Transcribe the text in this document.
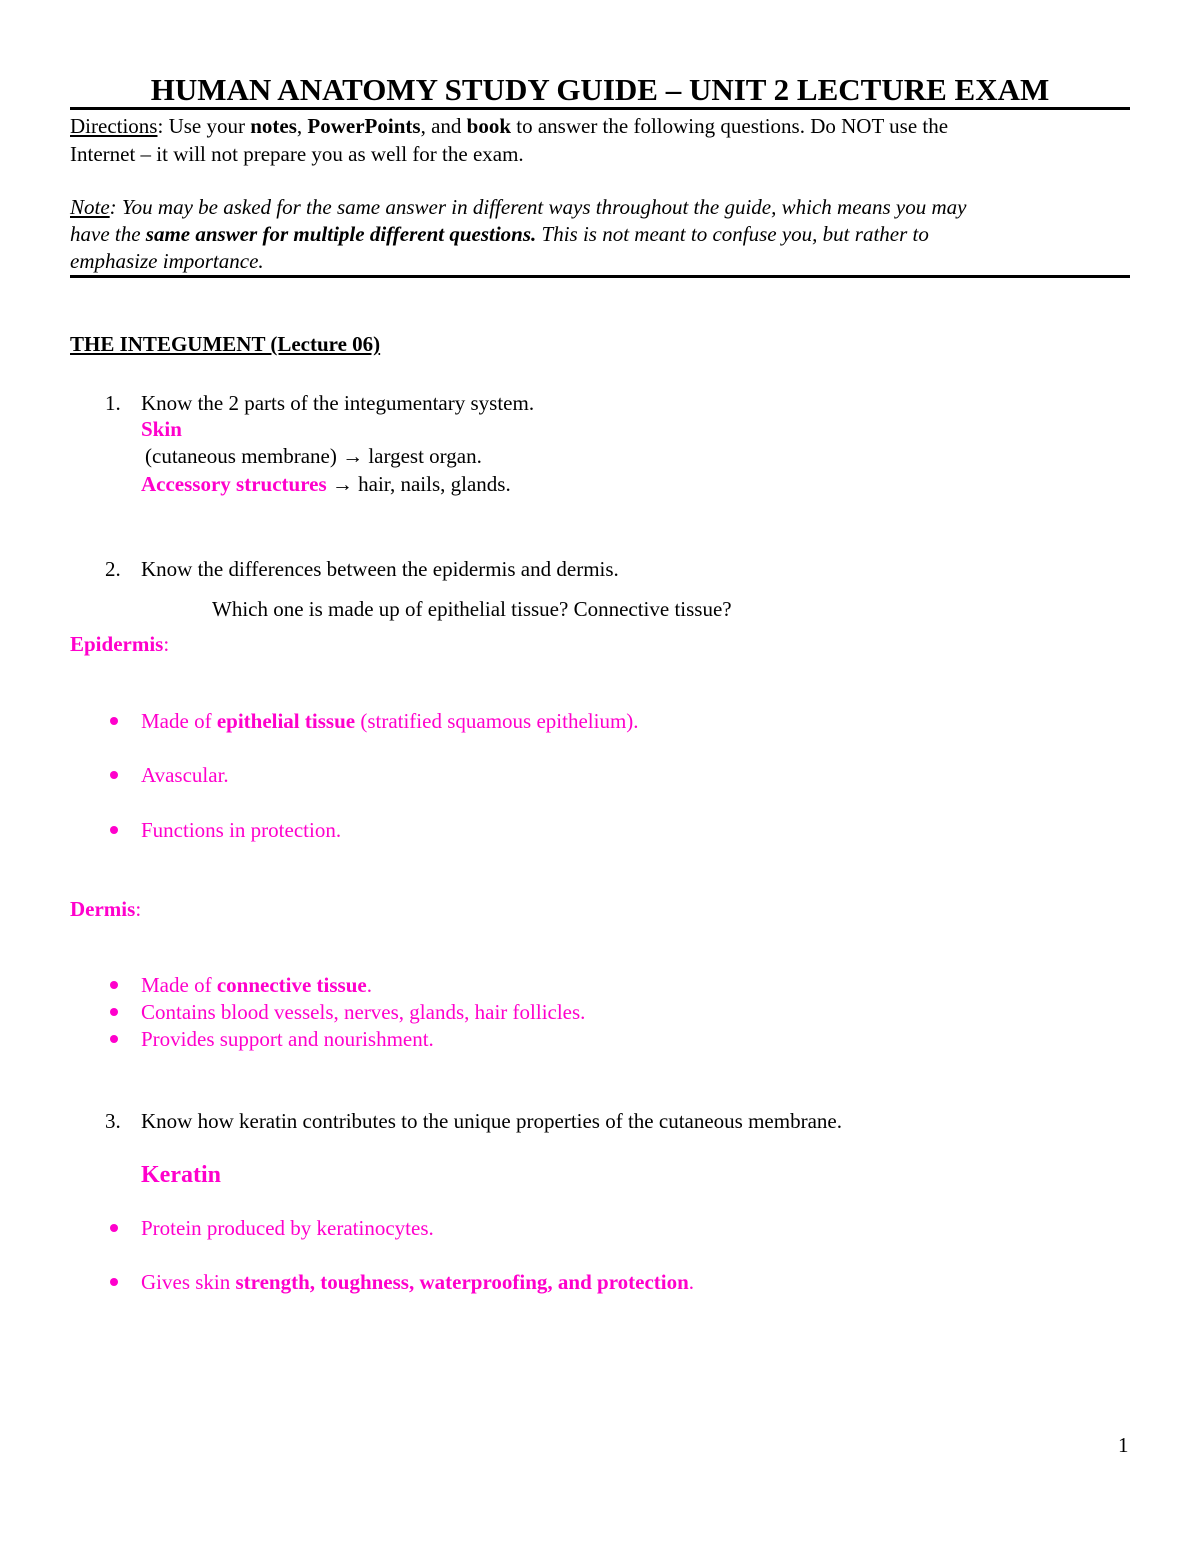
HUMAN ANATOMY STUDY GUIDE – UNIT 2 LECTURE EXAM

Directions: Use your notes, PowerPoints, and book to answer the following questions. Do NOT use the

Internet – it will not prepare you as well for the exam.

Note: You may be asked for the same answer in different ways throughout the guide, which means you may

have the same answer for multiple different questions. This is not meant to confuse you, but rather to

emphasize importance.

THE INTEGUMENT (Lecture 06)

1. Know the 2 parts of the integumentary system.

Skin

(cutaneous membrane) → largest organ.

Accessory structures → hair, nails, glands.

2. Know the differences between the epidermis and dermis.

Which one is made up of epithelial tissue? Connective tissue?

Epidermis:

Made of epithelial tissue (stratified squamous epithelium).

Avascular.

Functions in protection.

Dermis:

Made of connective tissue.

Contains blood vessels, nerves, glands, hair follicles.

Provides support and nourishment.

3. Know how keratin contributes to the unique properties of the cutaneous membrane.

Keratin

Protein produced by keratinocytes.

Gives skin strength, toughness, waterproofing, and protection.

1
